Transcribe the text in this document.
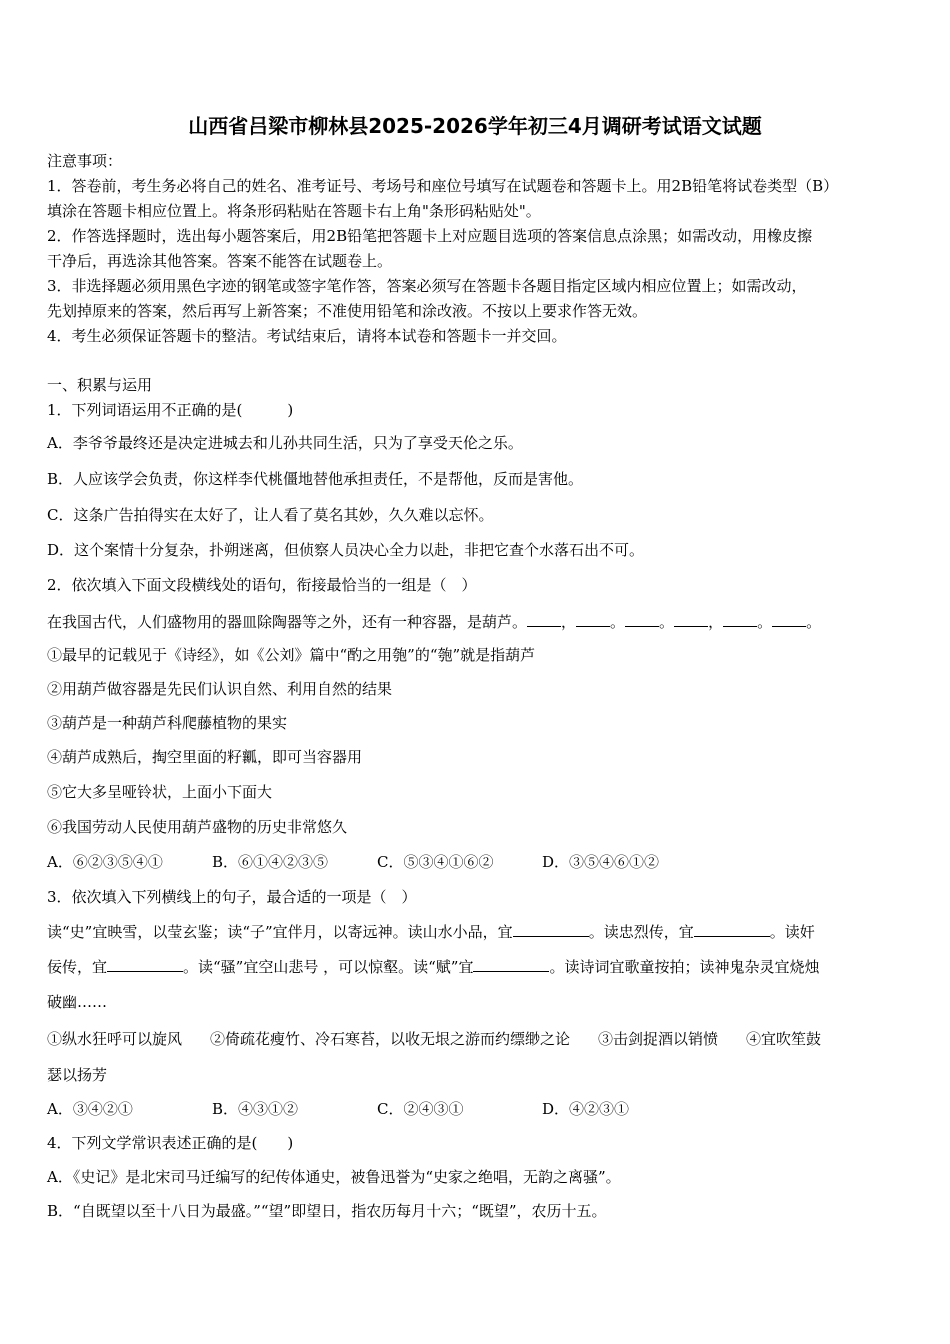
山西省吕梁市柳林县2025-2026学年初三4月调研考试语文试题
注意事项：
1．答卷前，考生务必将自己的姓名、准考证号、考场号和座位号填写在试题卷和答题卡上。用2B铅笔将试卷类型（B）
填涂在答题卡相应位置上。将条形码粘贴在答题卡右上角"条形码粘贴处"。
2．作答选择题时，选出每小题答案后，用2B铅笔把答题卡上对应题目选项的答案信息点涂黑；如需改动，用橡皮擦
干净后，再选涂其他答案。答案不能答在试题卷上。
3．非选择题必须用黑色字迹的钢笔或签字笔作答，答案必须写在答题卡各题目指定区域内相应位置上；如需改动，
先划掉原来的答案，然后再写上新答案；不准使用铅笔和涂改液。不按以上要求作答无效。
4．考生必须保证答题卡的整洁。考试结束后，请将本试卷和答题卡一并交回。
一、积累与运用
1．下列词语运用不正确的是(　　　)
A．李爷爷最终还是决定进城去和儿孙共同生活，只为了享受天伦之乐。
B．人应该学会负责，你这样李代桃僵地替他承担责任，不是帮他，反而是害他。
C．这条广告拍得实在太好了，让人看了莫名其妙，久久难以忘怀。
D．这个案情十分复杂，扑朔迷离，但侦察人员决心全力以赴，非把它查个水落石出不可。
2．依次填入下面文段横线处的语句，衔接最恰当的一组是（　）
在我国古代，人们盛物用的器皿除陶器等之外，还有一种容器，是葫芦。 ， 。 。 ， 。 。
①最早的记载见于《诗经》，如《公刘》篇中“酌之用匏”的“匏”就是指葫芦
②用葫芦做容器是先民们认识自然、利用自然的结果
③葫芦是一种葫芦科爬藤植物的果实
④葫芦成熟后，掏空里面的籽瓤，即可当容器用
⑤它大多呈哑铃状，上面小下面大
⑥我国劳动人民使用葫芦盛物的历史非常悠久
A．⑥②③⑤④①	B．⑥①④②③⑤	C．⑤③④①⑥②	D．③⑤④⑥①②
3．依次填入下列横线上的句子，最合适的一项是（　）
读“史”宜映雪，以莹玄鉴；读“子”宜伴月，以寄远神。读山水小品，宜	。读忠烈传，宜	。读奸
佞传，宜	。读“骚”宜空山悲号 ，可以惊壑。读“赋”宜	。读诗词宜歌童按拍；读神鬼杂灵宜烧烛
破幽……
①纵水狂呼可以旋风 ②倚疏花瘦竹、冷石寒苔，以收无垠之游而约缥缈之论 ③击剑捉酒以销愤 ④宜吹笙鼓
瑟以扬芳
A．③④②①	B．④③①②	C．②④③①	D．④②③①
4．下列文学常识表述正确的是(　　)
A．《史记》是北宋司马迁编写的纪传体通史，被鲁迅誉为“史家之绝唱，无韵之离骚”。
B．“自既望以至十八日为最盛。”“望”即望日，指农历每月十六；“既望”，农历十五。
